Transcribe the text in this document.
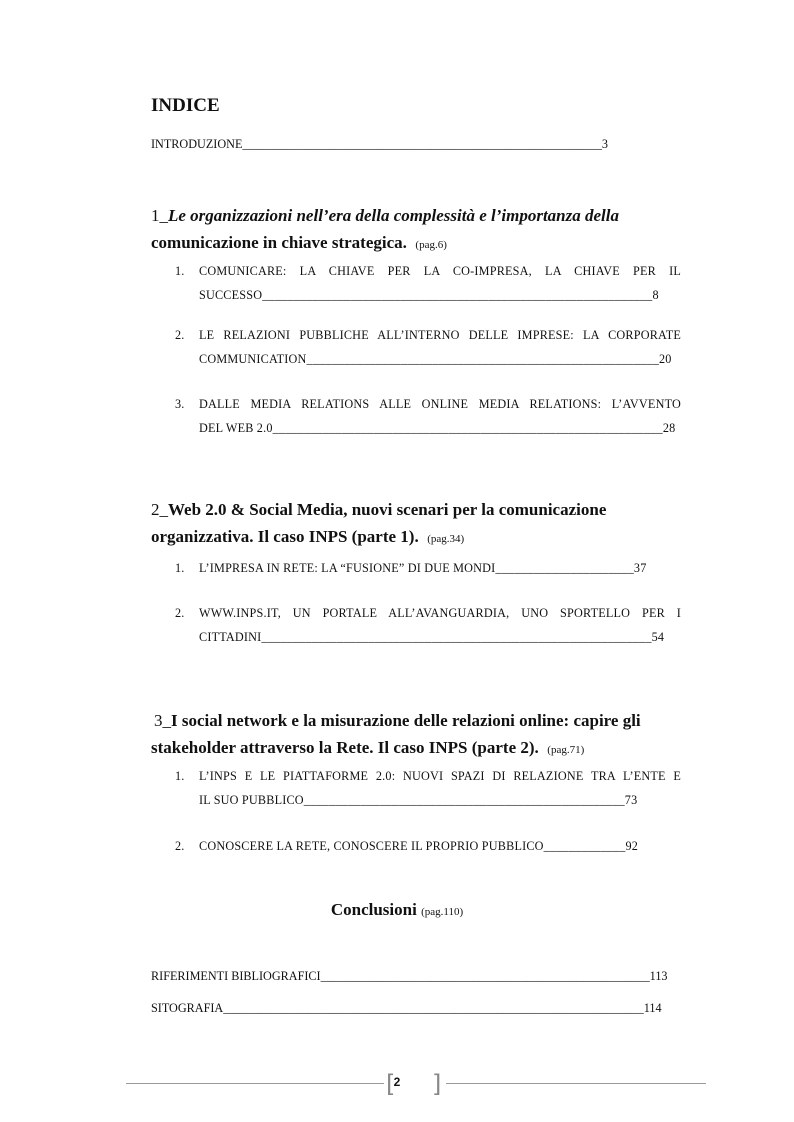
INDICE
INTRODUZIONE___________________________________________________________3
1_Le organizzazioni nell’era della complessità e l’importanza della
comunicazione in chiave strategica. (pag.6)
1. COMUNICARE: LA CHIAVE PER LA CO-IMPRESA, LA CHIAVE PER IL
SUCCESSO______________________________________________________________8
2. LE RELAZIONI PUBBLICHE ALL’INTERNO DELLE IMPRESE: LA CORPORATE
COMMUNICATION________________________________________________________20
3. DALLE MEDIA RELATIONS ALLE ONLINE MEDIA RELATIONS: L’AVVENTO
DEL WEB 2.0______________________________________________________________28
2_Web 2.0 & Social Media, nuovi scenari per la comunicazione
organizzativa. Il caso INPS (parte 1). (pag.34)
1. L’IMPRESA IN RETE: LA “FUSIONE” DI DUE MONDI______________________37
2. WWW.INPS.IT, UN PORTALE ALL’AVANGUARDIA, UNO SPORTELLO PER I
CITTADINI______________________________________________________________54
3_I social network e la misurazione delle relazioni online: capire gli
stakeholder attraverso la Rete. Il caso INPS (parte 2). (pag.71)
1. L’INPS E LE PIATTAFORME 2.0: NUOVI SPAZI DI RELAZIONE TRA L’ENTE E
IL SUO PUBBLICO___________________________________________________73
2. CONOSCERE LA RETE, CONOSCERE IL PROPRIO PUBBLICO_____________92
Conclusioni (pag.110)
RIFERIMENTI BIBLIOGRAFICI______________________________________________________113
SITOGRAFIA_____________________________________________________________________114
[ ]
2
